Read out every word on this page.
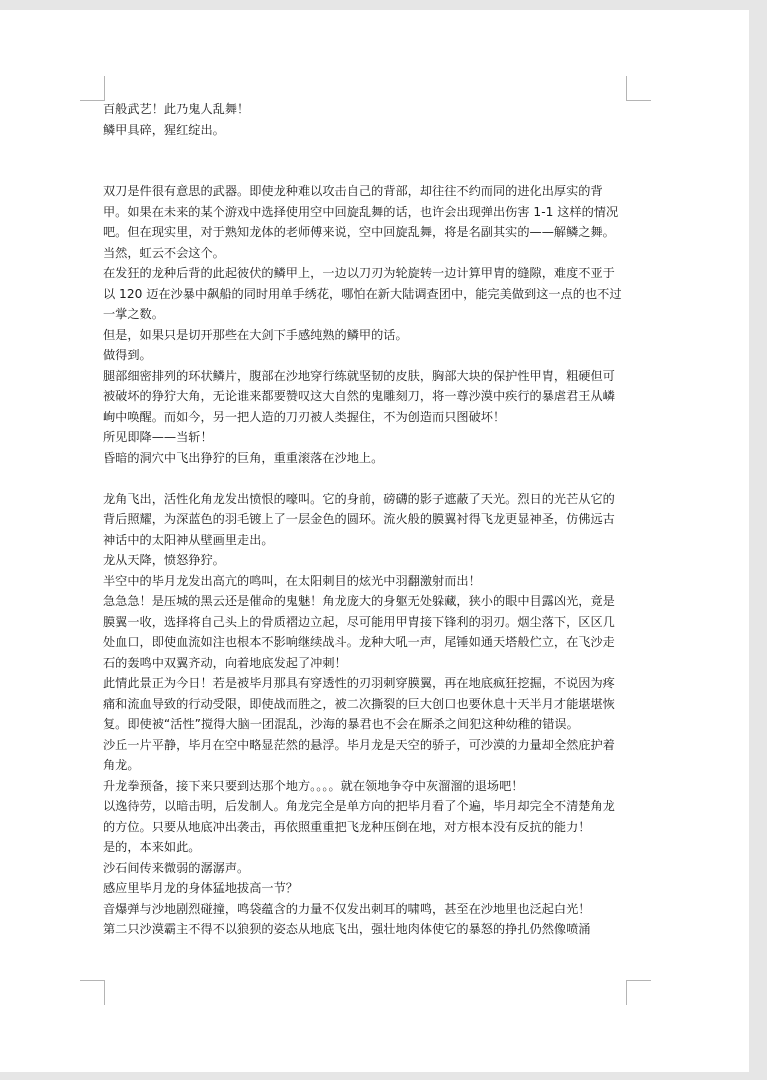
百般武艺！此乃鬼人乱舞！

鳞甲具碎，猩红绽出。

双刀是件很有意思的武器。即使龙种难以攻击自己的背部，却往往不约而同的进化出厚实的背甲。如果在未来的某个游戏中选择使用空中回旋乱舞的话，也许会出现弹出伤害 1-1 这样的情况吧。但在现实里，对于熟知龙体的老师傅来说，空中回旋乱舞，将是名副其实的——解鳞之舞。

当然，虹云不会这个。

在发狂的龙种后背的此起彼伏的鳞甲上，一边以刀刃为轮旋转一边计算甲胄的缝隙，难度不亚于以 120 迈在沙暴中飙船的同时用单手绣花，哪怕在新大陆调查团中，能完美做到这一点的也不过一掌之数。

但是，如果只是切开那些在大剑下手感纯熟的鳞甲的话。

做得到。

腿部细密排列的环状鳞片，腹部在沙地穿行练就坚韧的皮肤，胸部大块的保护性甲胄，粗硬但可被破坏的狰狞大角，无论谁来都要赞叹这大自然的鬼雕刻刀，将一尊沙漠中疾行的暴虐君王从嶙峋中唤醒。而如今，另一把人造的刀刃被人类握住，不为创造而只图破坏！

所见即降——当斩！

昏暗的洞穴中飞出狰狞的巨角，重重滚落在沙地上。

龙角飞出，活性化角龙发出愤恨的嚎叫。它的身前，磅礴的影子遮蔽了天光。烈日的光芒从它的背后照耀，为深蓝色的羽毛镀上了一层金色的圆环。流火般的膜翼衬得飞龙更显神圣，仿佛远古神话中的太阳神从壁画里走出。

龙从天降，愤怒狰狞。

半空中的毕月龙发出高亢的鸣叫，在太阳刺目的炫光中羽翻激射而出！

急急急！是压城的黑云还是催命的鬼魅！角龙庞大的身躯无处躲藏，狭小的眼中目露凶光，竟是膜翼一收，选择将自己头上的骨质褶边立起，尽可能用甲胄接下锋利的羽刃。烟尘落下，区区几处血口，即使血流如注也根本不影响继续战斗。龙种大吼一声，尾锤如通天塔般伫立，在飞沙走石的轰鸣中双翼齐动，向着地底发起了冲刺！

此情此景正为今日！若是被毕月那具有穿透性的刃羽刺穿膜翼，再在地底疯狂挖掘，不说因为疼痛和流血导致的行动受限，即使战而胜之，被二次撕裂的巨大创口也要休息十天半月才能堪堪恢复。即使被“活性”搅得大脑一团混乱，沙海的暴君也不会在厮杀之间犯这种幼稚的错误。

沙丘一片平静，毕月在空中略显茫然的悬浮。毕月龙是天空的骄子，可沙漠的力量却全然庇护着角龙。

升龙拳预备，接下来只要到达那个地方。。。。就在领地争夺中灰溜溜的退场吧！

以逸待劳，以暗击明，后发制人。角龙完全是单方向的把毕月看了个遍，毕月却完全不清楚角龙的方位。只要从地底冲出袭击，再依照重重把飞龙种压倒在地，对方根本没有反抗的能力！

是的，本来如此。

沙石间传来微弱的潺潺声。

感应里毕月龙的身体猛地拔高一节？

音爆弹与沙地剧烈碰撞，鸣袋蕴含的力量不仅发出刺耳的啸鸣，甚至在沙地里也泛起白光！

第二只沙漠霸主不得不以狼狈的姿态从地底飞出，强壮地肉体使它的暴怒的挣扎仍然像喷涌
